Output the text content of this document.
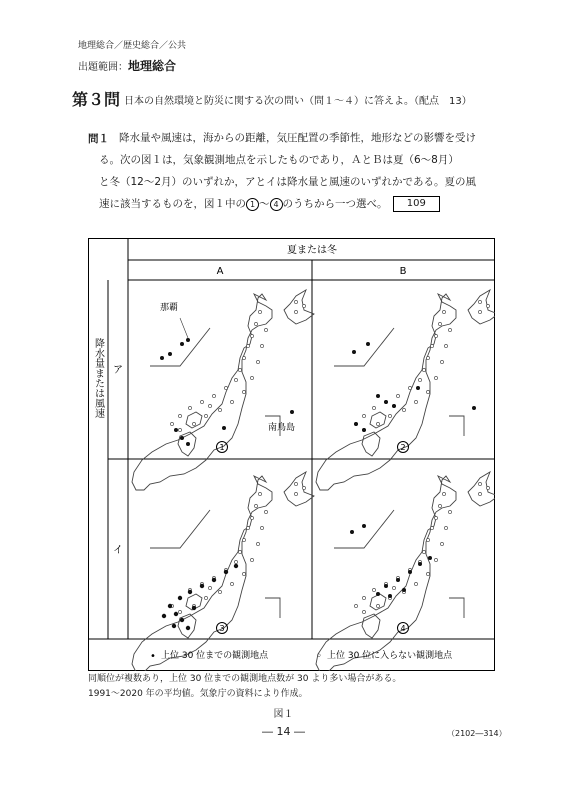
地理総合／歴史総合／公共
出題範囲：地理総合
第３問 日本の自然環境と防災に関する次の問い（問１～４）に答えよ。（配点　13）
問１ 降水量や風速は，海からの距離，気圧配置の季節性，地形などの影響を受け

る。次の図１は，気象観測地点を示したものであり，ＡとＢは夏（6～8月）

と冬（12～2月）のいずれか，アとイは降水量と風速のいずれかである。夏の風

速に該当するものを，図１中の 1 ～ 4 のうちから一つ選べ。　 109

夏または冬
A	B
ア
イ
降水量または風速
那覇
南鳥島
1	2
3	4
• 上位 30 位までの観測地点	◦ 上位 30 位に入らない観測地点
同順位が複数あり，上位 30 位までの観測地点数が 30 より多い場合がある。
1991～2020 年の平均値。気象庁の資料により作成。
図１
― 14 ―	（2102―314）
